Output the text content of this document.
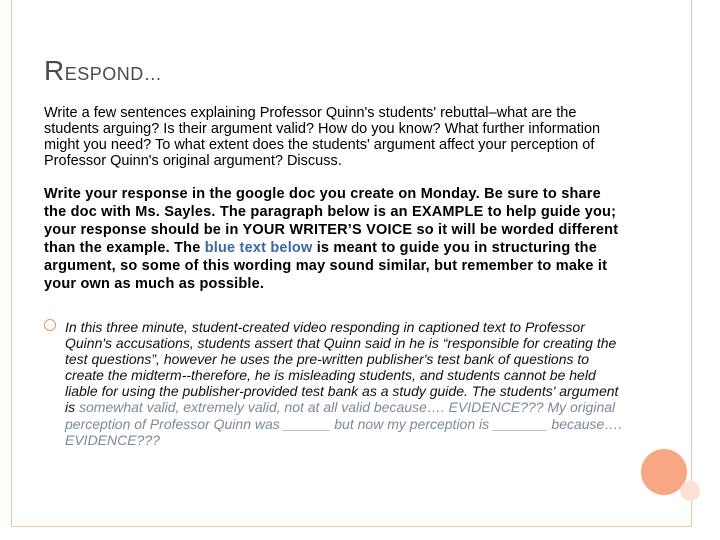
RESPOND…

Write a few sentences explaining Professor Quinn's students' rebuttal–what are the students arguing? Is their argument valid? How do you know? What further information might you need? To what extent does the students' argument affect your perception of Professor Quinn's original argument? Discuss.

Write your response in the google doc you create on Monday. Be sure to share the doc with Ms. Sayles. The paragraph below is an EXAMPLE to help guide you; your response should be in YOUR WRITER’S VOICE so it will be worded different than the example. The blue text below is meant to guide you in structuring the argument, so some of this wording may sound similar, but remember to make it your own as much as possible.

In this three minute, student-created video responding in captioned text to Professor Quinn's accusations, students assert that Quinn said in he is “responsible for creating the test questions”, however he uses the pre-written publisher's test bank of questions to create the midterm--therefore, he is misleading students, and students cannot be held liable for using the publisher-provided test bank as a study guide. The students' argument is somewhat valid, extremely valid, not at all valid because…. EVIDENCE??? My original perception of Professor Quinn was ______ but now my perception is _______ because…. EVIDENCE???
